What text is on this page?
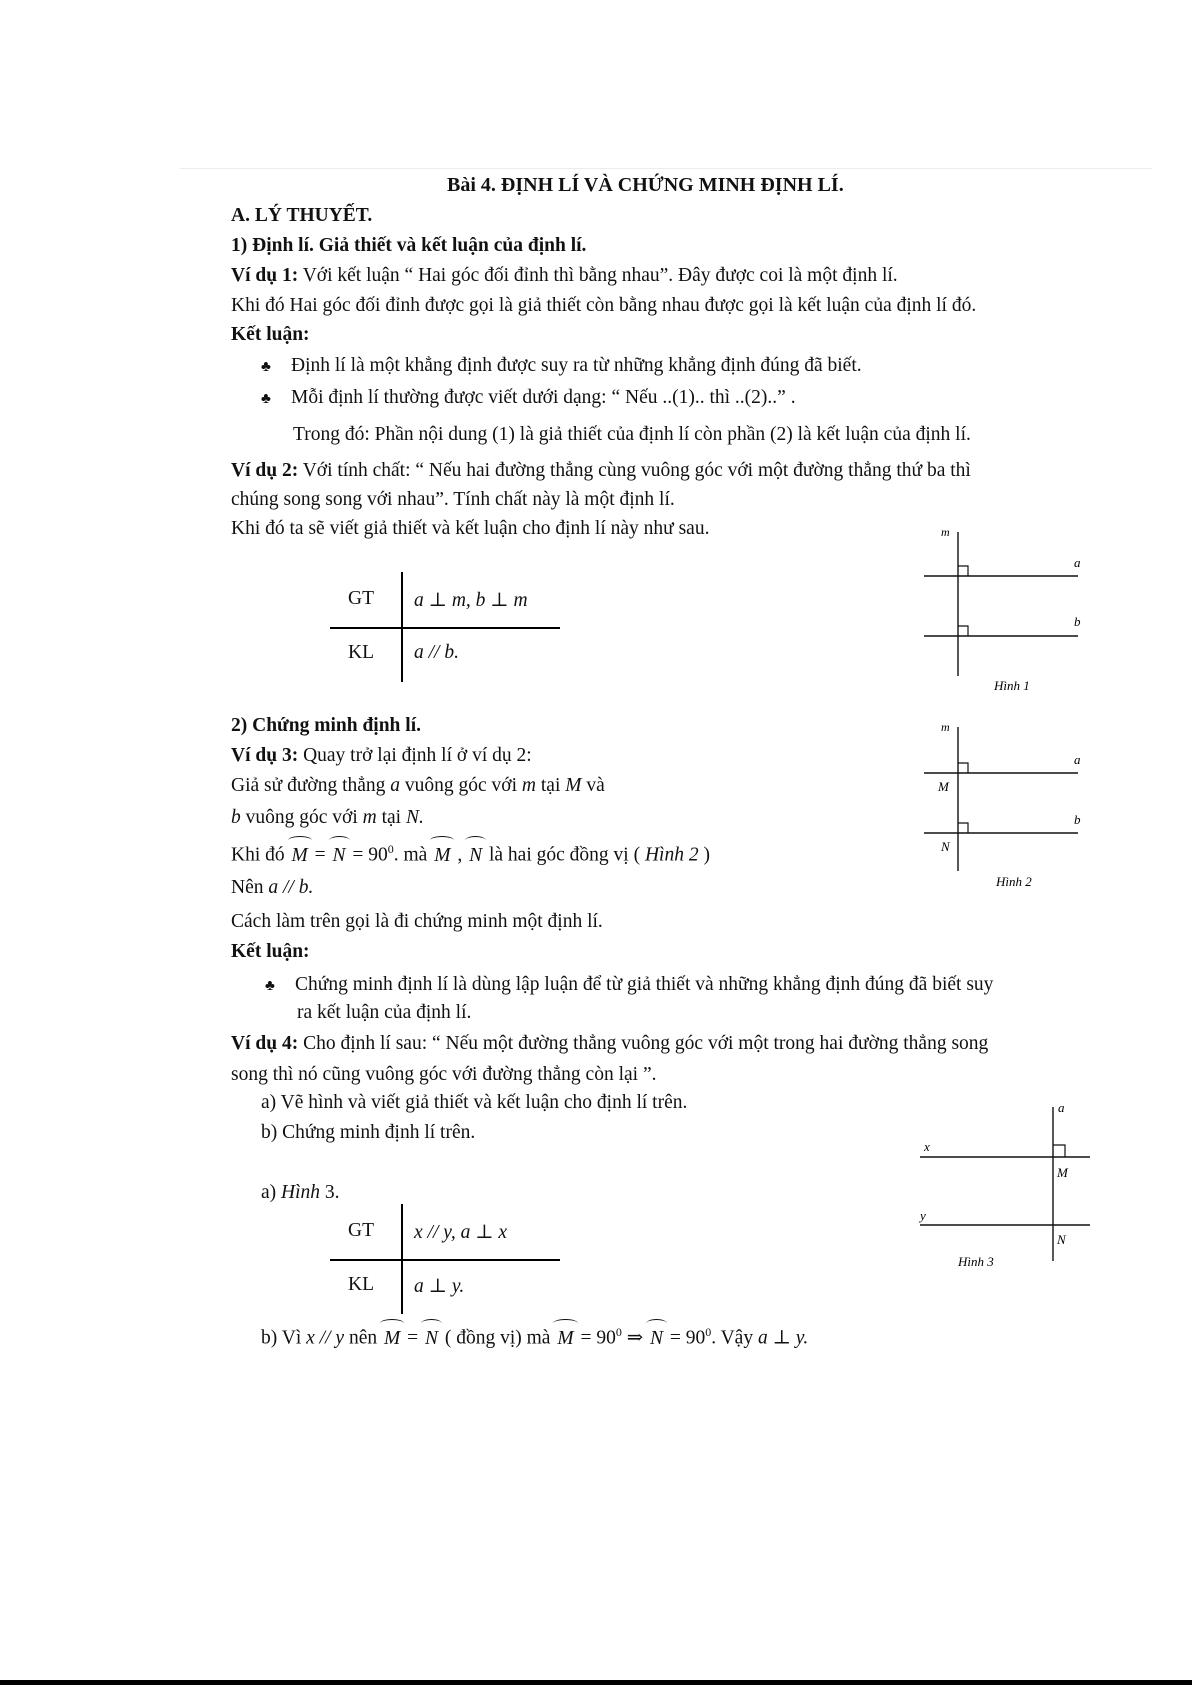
Bài 4. ĐỊNH LÍ VÀ CHỨNG MINH ĐỊNH LÍ.
A. LÝ THUYẾT.
1) Định lí. Giả thiết và kết luận của định lí.
Ví dụ 1: Với kết luận “ Hai góc đối đỉnh thì bằng nhau”. Đây được coi là một định lí.
Khi đó Hai góc đối đỉnh được gọi là giả thiết còn bằng nhau được gọi là kết luận của định lí đó.
Kết luận:
♣ Định lí là một khẳng định được suy ra từ những khẳng định đúng đã biết.
♣ Mỗi định lí thường được viết dưới dạng: “ Nếu ..(1).. thì ..(2)..” .
Trong đó: Phần nội dung (1) là giả thiết của định lí còn phần (2) là kết luận của định lí.
Ví dụ 2: Với tính chất: “ Nếu hai đường thẳng cùng vuông góc với một đường thẳng thứ ba thì
chúng song song với nhau”. Tính chất này là một định lí.
Khi đó ta sẽ viết giả thiết và kết luận cho định lí này như sau.
GT a ⊥ m, b ⊥ m
KL a // b.
m
a
b
Hình 1
2) Chứng minh định lí.
Ví dụ 3: Quay trở lại định lí ở ví dụ 2:
Giả sử đường thẳng a vuông góc với m tại M và
b vuông góc với m tại N.
Khi đó $M = N = 90^0$. mà M , N là hai góc đồng vị ( Hình 2 )
Nên a // b.
Cách làm trên gọi là đi chứng minh một định lí.
Kết luận:
♣ Chứng minh định lí là dùng lập luận để từ giả thiết và những khẳng định đúng đã biết suy
ra kết luận của định lí.
m
a
b
M
N
Hình 2
Ví dụ 4: Cho định lí sau: “ Nếu một đường thẳng vuông góc với một trong hai đường thẳng song
song thì nó cũng vuông góc với đường thẳng còn lại ”.
a) Vẽ hình và viết giả thiết và kết luận cho định lí trên.
b) Chứng minh định lí trên.
a) Hình 3.
GT x // y, a ⊥ x
KL a ⊥ y.
a
x
y
M
N
Hình 3
b) Vì x // y nên M = N ( đồng vị) mà $M = 90^0$ ⇒ $N = 90^0$. Vậy a ⊥ y.
